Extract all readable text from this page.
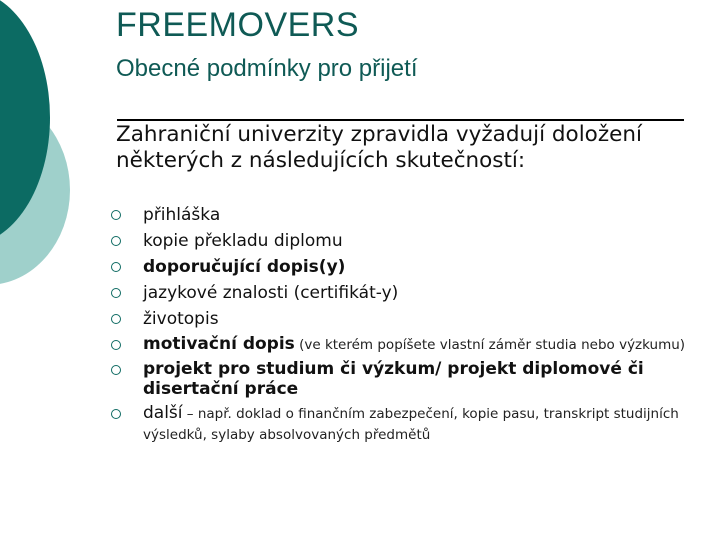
FREEMOVERS
Obecné podmínky pro přijetí
Zahraniční univerzity zpravidla vyžadují doložení některých z následujících skutečností:
přihláška
kopie překladu diplomu
doporučující dopis(y)
jazykové znalosti (certifikát-y)
životopis
motivační dopis (ve kterém popíšete vlastní záměr studia nebo výzkumu)
projekt pro studium či výzkum/ projekt diplomové či disertační práce
další – např. doklad o finančním zabezpečení, kopie pasu, transkript studijních výsledků, sylaby absolvovaných předmětů
